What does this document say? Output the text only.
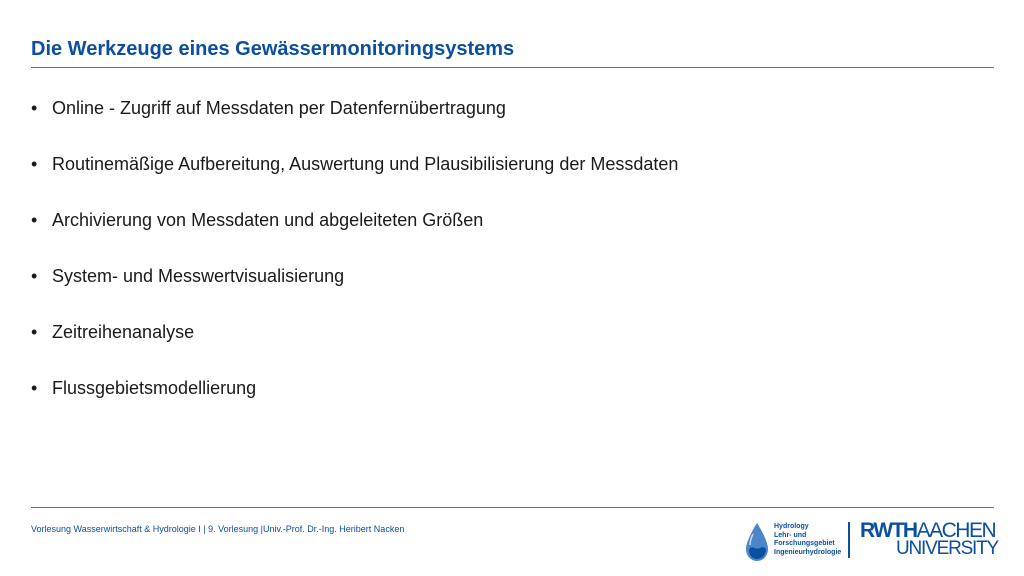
Die Werkzeuge eines Gewässermonitoringsystems
• Online - Zugriff auf Messdaten per Datenfernübertragung
• Routinemäßige Aufbereitung, Auswertung und Plausibilisierung der Messdaten
• Archivierung von Messdaten und abgeleiteten Größen
• System- und Messwertvisualisierung
• Zeitreihenanalyse
• Flussgebietsmodellierung
Vorlesung Wasserwirtschaft & Hydrologie I | 9. Vorlesung |Univ.-Prof. Dr.-Ing. Heribert Nacken	Hydrology
Lehr- und
Forschungsgebiet
Ingenieurhydrologie
RWTHAACHEN
UNIVERSITY
